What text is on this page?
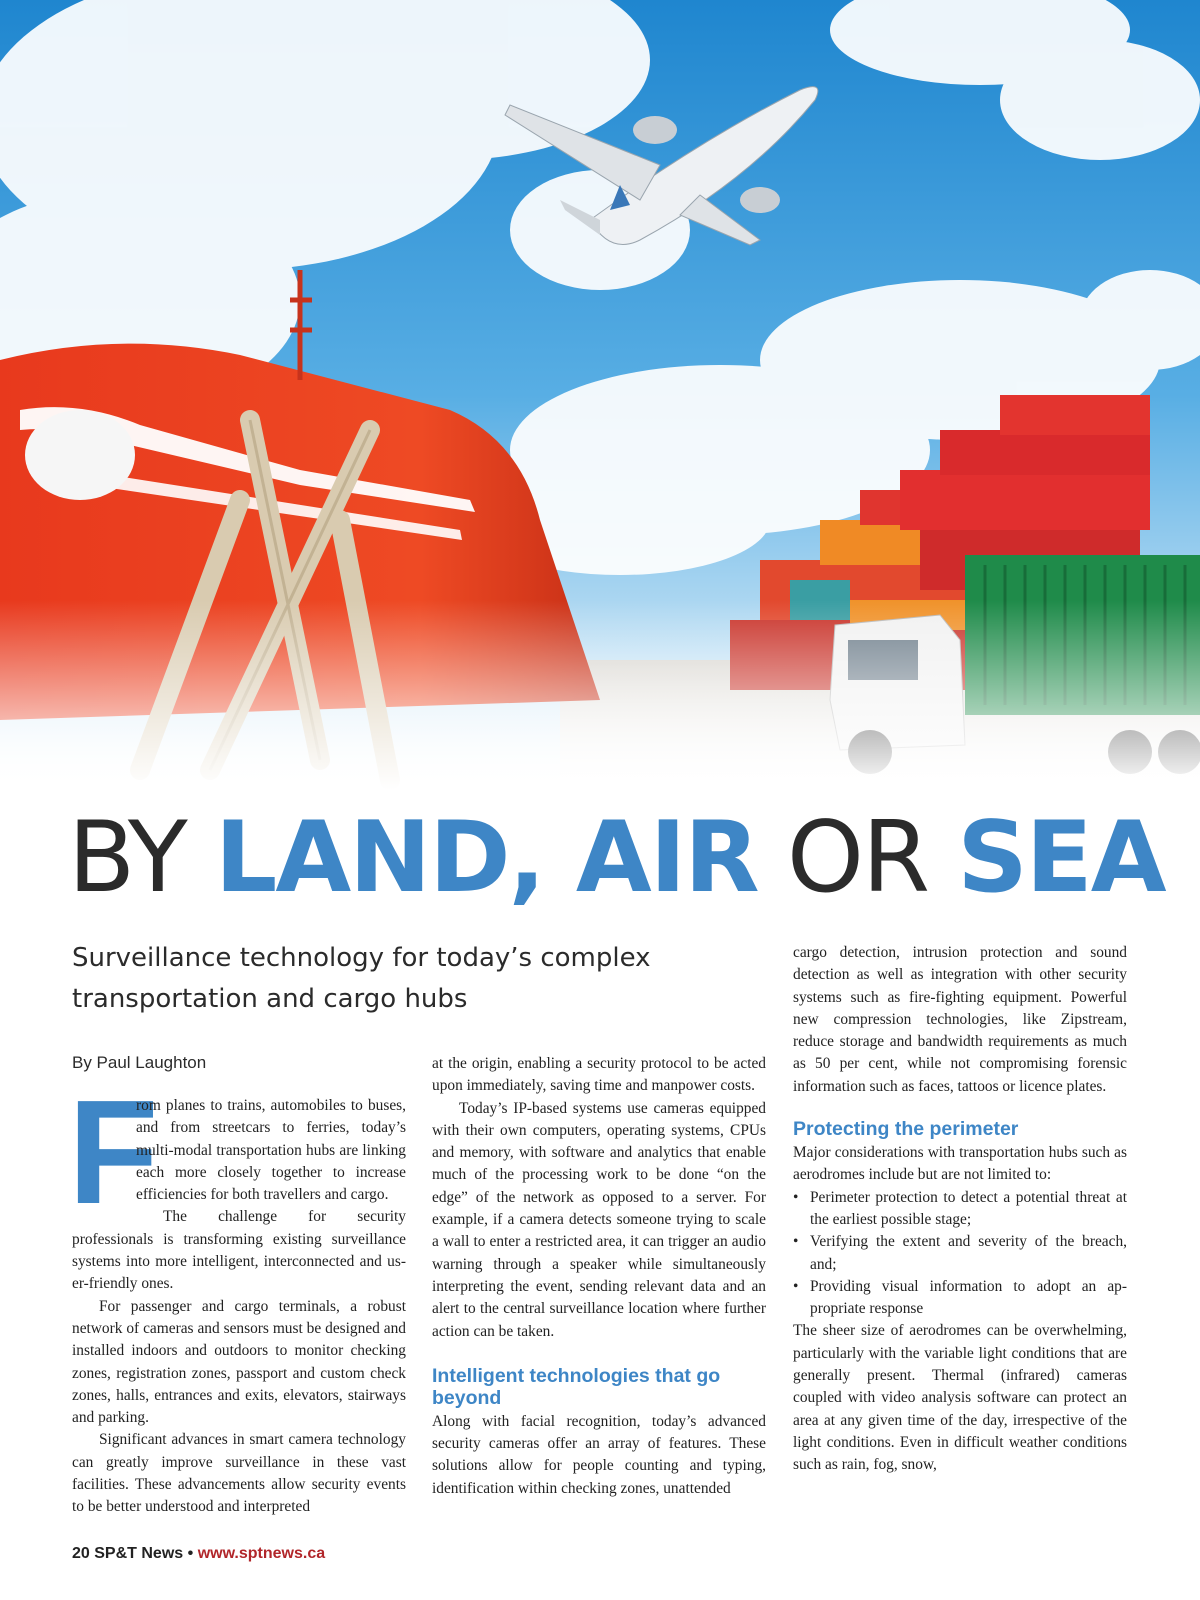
BY LAND, AIR OR SEA
Surveillance technology for today’s complex transportation and cargo hubs

By Paul Laughton

F
rom planes to trains, automobiles to buses, and from streetcars to ferries, today’s multi-modal transportation hubs are linking each more closely together to increase efficiencies for both travellers and cargo.

The challenge for security professionals is transforming existing surveillance systems into more intelligent, interconnected and user-friendly ones.

For passenger and cargo terminals, a robust network of cameras and sensors must be designed and installed indoors and outdoors to monitor checking zones, registration zones, passport and custom check zones, halls, entrances and exits, elevators, stairways and parking.

Significant advances in smart camera technology can greatly improve surveillance in these vast facilities. These advancements allow security events to be better understood and interpreted

at the origin, enabling a security protocol to be acted upon immediately, saving time and manpower costs.

Today’s IP-based systems use cameras equipped with their own computers, operating systems, CPUs and memory, with software and analytics that enable much of the processing work to be done “on the edge” of the network as opposed to a server. For example, if a camera detects someone trying to scale a wall to enter a restricted area, it can trigger an audio warning through a speaker while simultaneously interpreting the event, sending relevant data and an alert to the central surveillance location where further action can be taken.

Intelligent technologies that go beyond

Along with facial recognition, today’s advanced security cameras offer an array of features. These solutions allow for people counting and typing, identification within checking zones, unattended

cargo detection, intrusion protection and sound detection as well as integration with other security systems such as fire-fighting equipment. Powerful new compression technologies, like Zipstream, reduce storage and bandwidth requirements as much as 50 per cent, while not compromising forensic information such as faces, tattoos or licence plates.

Protecting the perimeter

Major considerations with transportation hubs such as aerodromes include but are not limited to:

• Perimeter protection to detect a potential threat at the earliest possible stage;
• Verifying the extent and severity of the breach, and;
• Providing visual information to adopt an appropriate response

The sheer size of aerodromes can be overwhelming, particularly with the variable light conditions that are generally present. Thermal (infrared) cameras coupled with video analysis software can protect an area at any given time of the day, irrespective of the light conditions. Even in difficult weather conditions such as rain, fog, snow,

20 SP&T News • www.sptnews.ca
